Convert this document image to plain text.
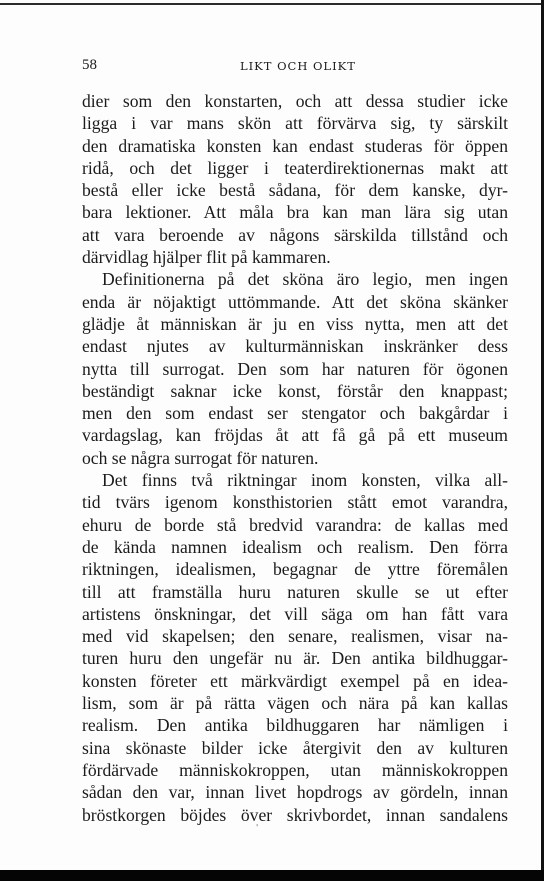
58	LIKT OCH OLIKT
dier som den konstarten, och att dessa studier icke
ligga i var mans skön att förvärva sig, ty särskilt
den dramatiska konsten kan endast studeras för öppen
ridå, och det ligger i teaterdirektionernas makt att
bestå eller icke bestå sådana, för dem kanske, dyr-
bara lektioner. Att måla bra kan man lära sig utan
att vara beroende av någons särskilda tillstånd och
därvidlag hjälper flit på kammaren.
Definitionerna på det sköna äro legio, men ingen
enda är nöjaktigt uttömmande. Att det sköna skänker
glädje åt människan är ju en viss nytta, men att det
endast njutes av kulturmänniskan inskränker dess
nytta till surrogat. Den som har naturen för ögonen
beständigt saknar icke konst, förstår den knappast;
men den som endast ser stengator och bakgårdar i
vardagslag, kan fröjdas åt att få gå på ett museum
och se några surrogat för naturen.
Det finns två riktningar inom konsten, vilka all-
tid tvärs igenom konsthistorien stått emot varandra,
ehuru de borde stå bredvid varandra: de kallas med
de kända namnen idealism och realism. Den förra
riktningen, idealismen, begagnar de yttre föremålen
till att framställa huru naturen skulle se ut efter
artistens önskningar, det vill säga om han fått vara
med vid skapelsen; den senare, realismen, visar na-
turen huru den ungefär nu är. Den antika bildhuggar-
konsten företer ett märkvärdigt exempel på en idea-
lism, som är på rätta vägen och nära på kan kallas
realism. Den antika bildhuggaren har nämligen i
sina skönaste bilder icke återgivit den av kulturen
fördärvade människokroppen, utan människokroppen
sådan den var, innan livet hopdrogs av gördeln, innan
bröstkorgen böjdes över skrivbordet, innan sandalens
'
